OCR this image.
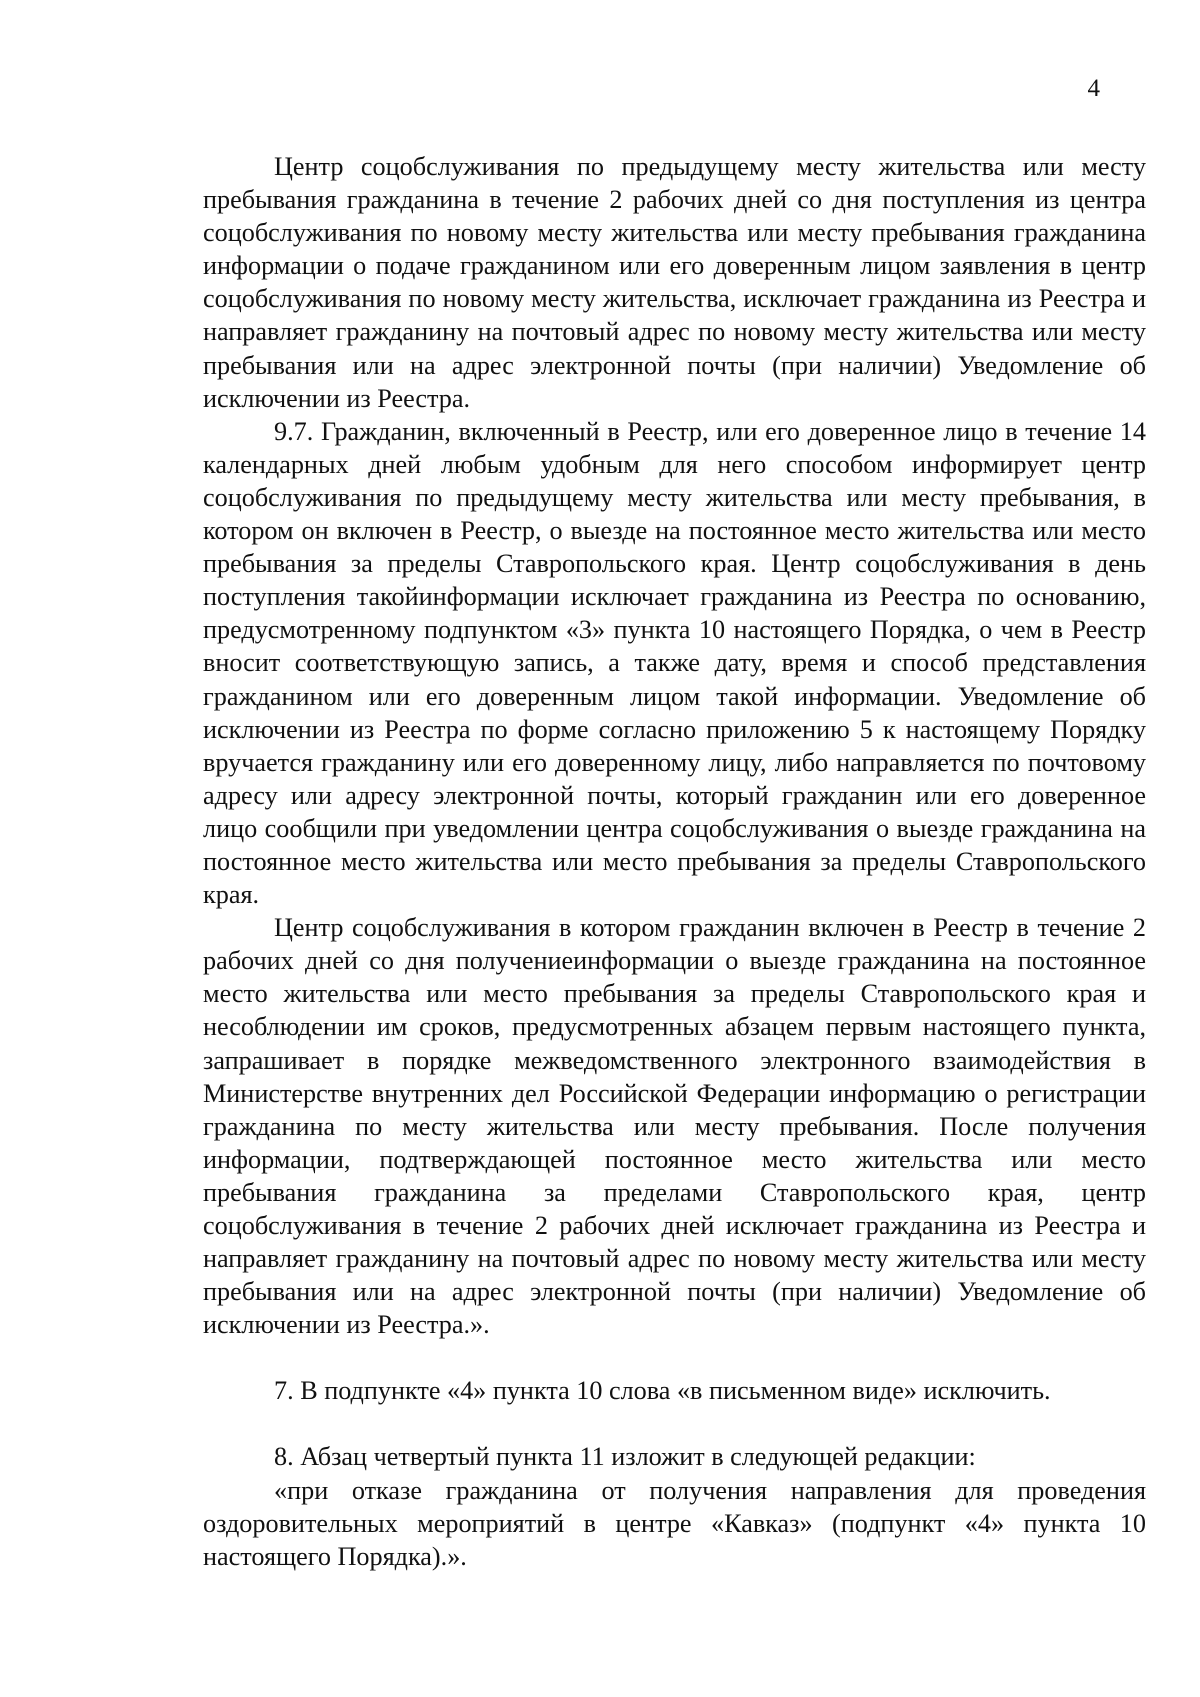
4

Центр соцобслуживания по предыдущему месту жительства или месту пребывания гражданина в течение 2 рабочих дней со дня поступления из центра соцобслуживания по новому месту жительства или месту пребывания гражданина информации о подаче гражданином или его доверенным лицом заявления в центр соцобслуживания по новому месту жительства, исключает гражданина из Реестра и направляет гражданину на почтовый адрес по новому месту жительства или месту пребывания или на адрес электронной почты (при наличии) Уведомление об исключении из Реестра.

9.7. Гражданин, включенный в Реестр, или его доверенное лицо в течение 14 календарных дней любым удобным для него способом информирует центр соцобслуживания по предыдущему месту жительства или месту пребывания, в котором он включен в Реестр, о выезде на постоянное место жительства или место пребывания за пределы Ставропольского края. Центр соцобслуживания в день поступления такойинформации исключает гражданина из Реестра по основанию, предусмотренному подпунктом «3» пункта 10 настоящего Порядка, о чем в Реестр вносит соответствующую запись, а также дату, время и способ представления гражданином или его доверенным лицом такой информации. Уведомление об исключении из Реестра по форме согласно приложению 5 к настоящему Порядку вручается гражданину или его доверенному лицу, либо направляется по почтовому адресу или адресу электронной почты, который гражданин или его доверенное лицо сообщили при уведомлении центра соцобслуживания о выезде гражданина на постоянное место жительства или место пребывания за пределы Ставропольского края.

Центр соцобслуживания в котором гражданин включен в Реестр в течение 2 рабочих дней со дня получениеинформации о выезде гражданина на постоянное место жительства или место пребывания за пределы Ставропольского края и несоблюдении им сроков, предусмотренных абзацем первым настоящего пункта, запрашивает в порядке межведомственного электронного взаимодействия в Министерстве внутренних дел Российской Федерации информацию о регистрации гражданина по месту жительства или месту пребывания. После получения информации, подтверждающей постоянное место жительства или место пребывания гражданина за пределами Ставропольского края, центр соцобслуживания в течение 2 рабочих дней исключает гражданина из Реестра и направляет гражданину на почтовый адрес по новому месту жительства или месту пребывания или на адрес электронной почты (при наличии) Уведомление об исключении из Реестра.».

7. В подпункте «4» пункта 10 слова «в письменном виде» исключить.

8. Абзац четвертый пункта 11 изложит в следующей редакции:

«при отказе гражданина от получения направления для проведения оздоровительных мероприятий в центре «Кавказ» (подпункт «4» пункта 10 настоящего Порядка).».
